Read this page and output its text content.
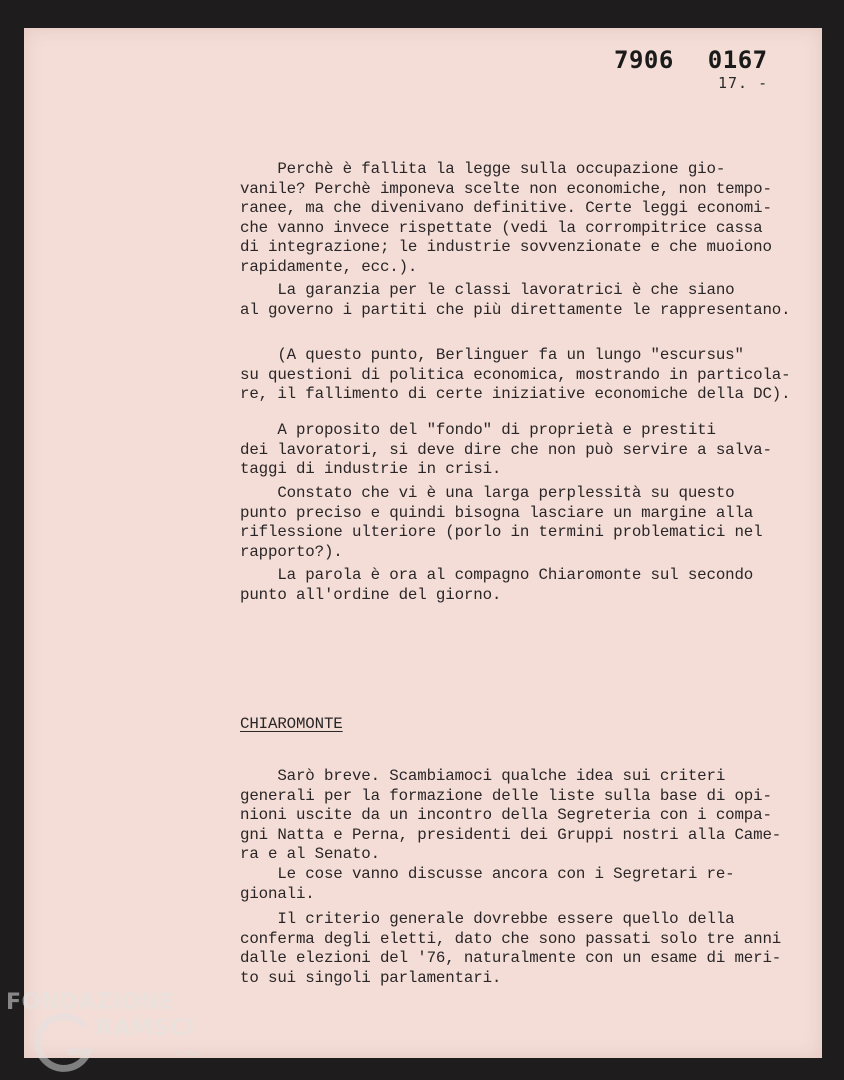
7906 0167
17. -

Perchè è fallita la legge sulla occupazione gio-
vanile? Perchè imponeva scelte non economiche, non tempo-
ranee, ma che divenivano definitive. Certe leggi economi-
che vanno invece rispettate (vedi la corrompitrice cassa
di integrazione; le industrie sovvenzionate e che muoiono
rapidamente, ecc.).

La garanzia per le classi lavoratrici è che siano
al governo i partiti che più direttamente le rappresentano.

(A questo punto, Berlinguer fa un lungo "escursus"
su questioni di politica economica, mostrando in particola-
re, il fallimento di certe iniziative economiche della DC).

A proposito del "fondo" di proprietà e prestiti
dei lavoratori, si deve dire che non può servire a salva-
taggi di industrie in crisi.

Constato che vi è una larga perplessità su questo
punto preciso e quindi bisogna lasciare un margine alla
riflessione ulteriore (porlo in termini problematici nel
rapporto?).

La parola è ora al compagno Chiaromonte sul secondo
punto all'ordine del giorno.

CHIAROMONTE

Sarò breve. Scambiamoci qualche idea sui criteri
generali per la formazione delle liste sulla base di opi-
nioni uscite da un incontro della Segreteria con i compa-
gni Natta e Perna, presidenti dei Gruppi nostri alla Came-
ra e al Senato.

Le cose vanno discusse ancora con i Segretari re-
gionali.

Il criterio generale dovrebbe essere quello della
conferma degli eletti, dato che sono passati solo tre anni
dalle elezioni del '76, naturalmente con un esame di meri-
to sui singoli parlamentari.

FONDAZIONE
RAMSCI
onlus
